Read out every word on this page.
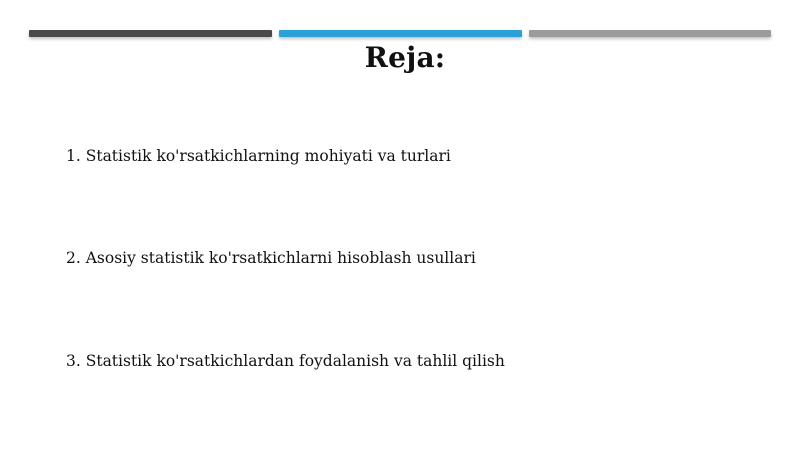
Reja:
1. Statistik ko'rsatkichlarning mohiyati va turlari
2. Asosiy statistik ko'rsatkichlarni hisoblash usullari
3. Statistik ko'rsatkichlardan foydalanish va tahlil qilish
